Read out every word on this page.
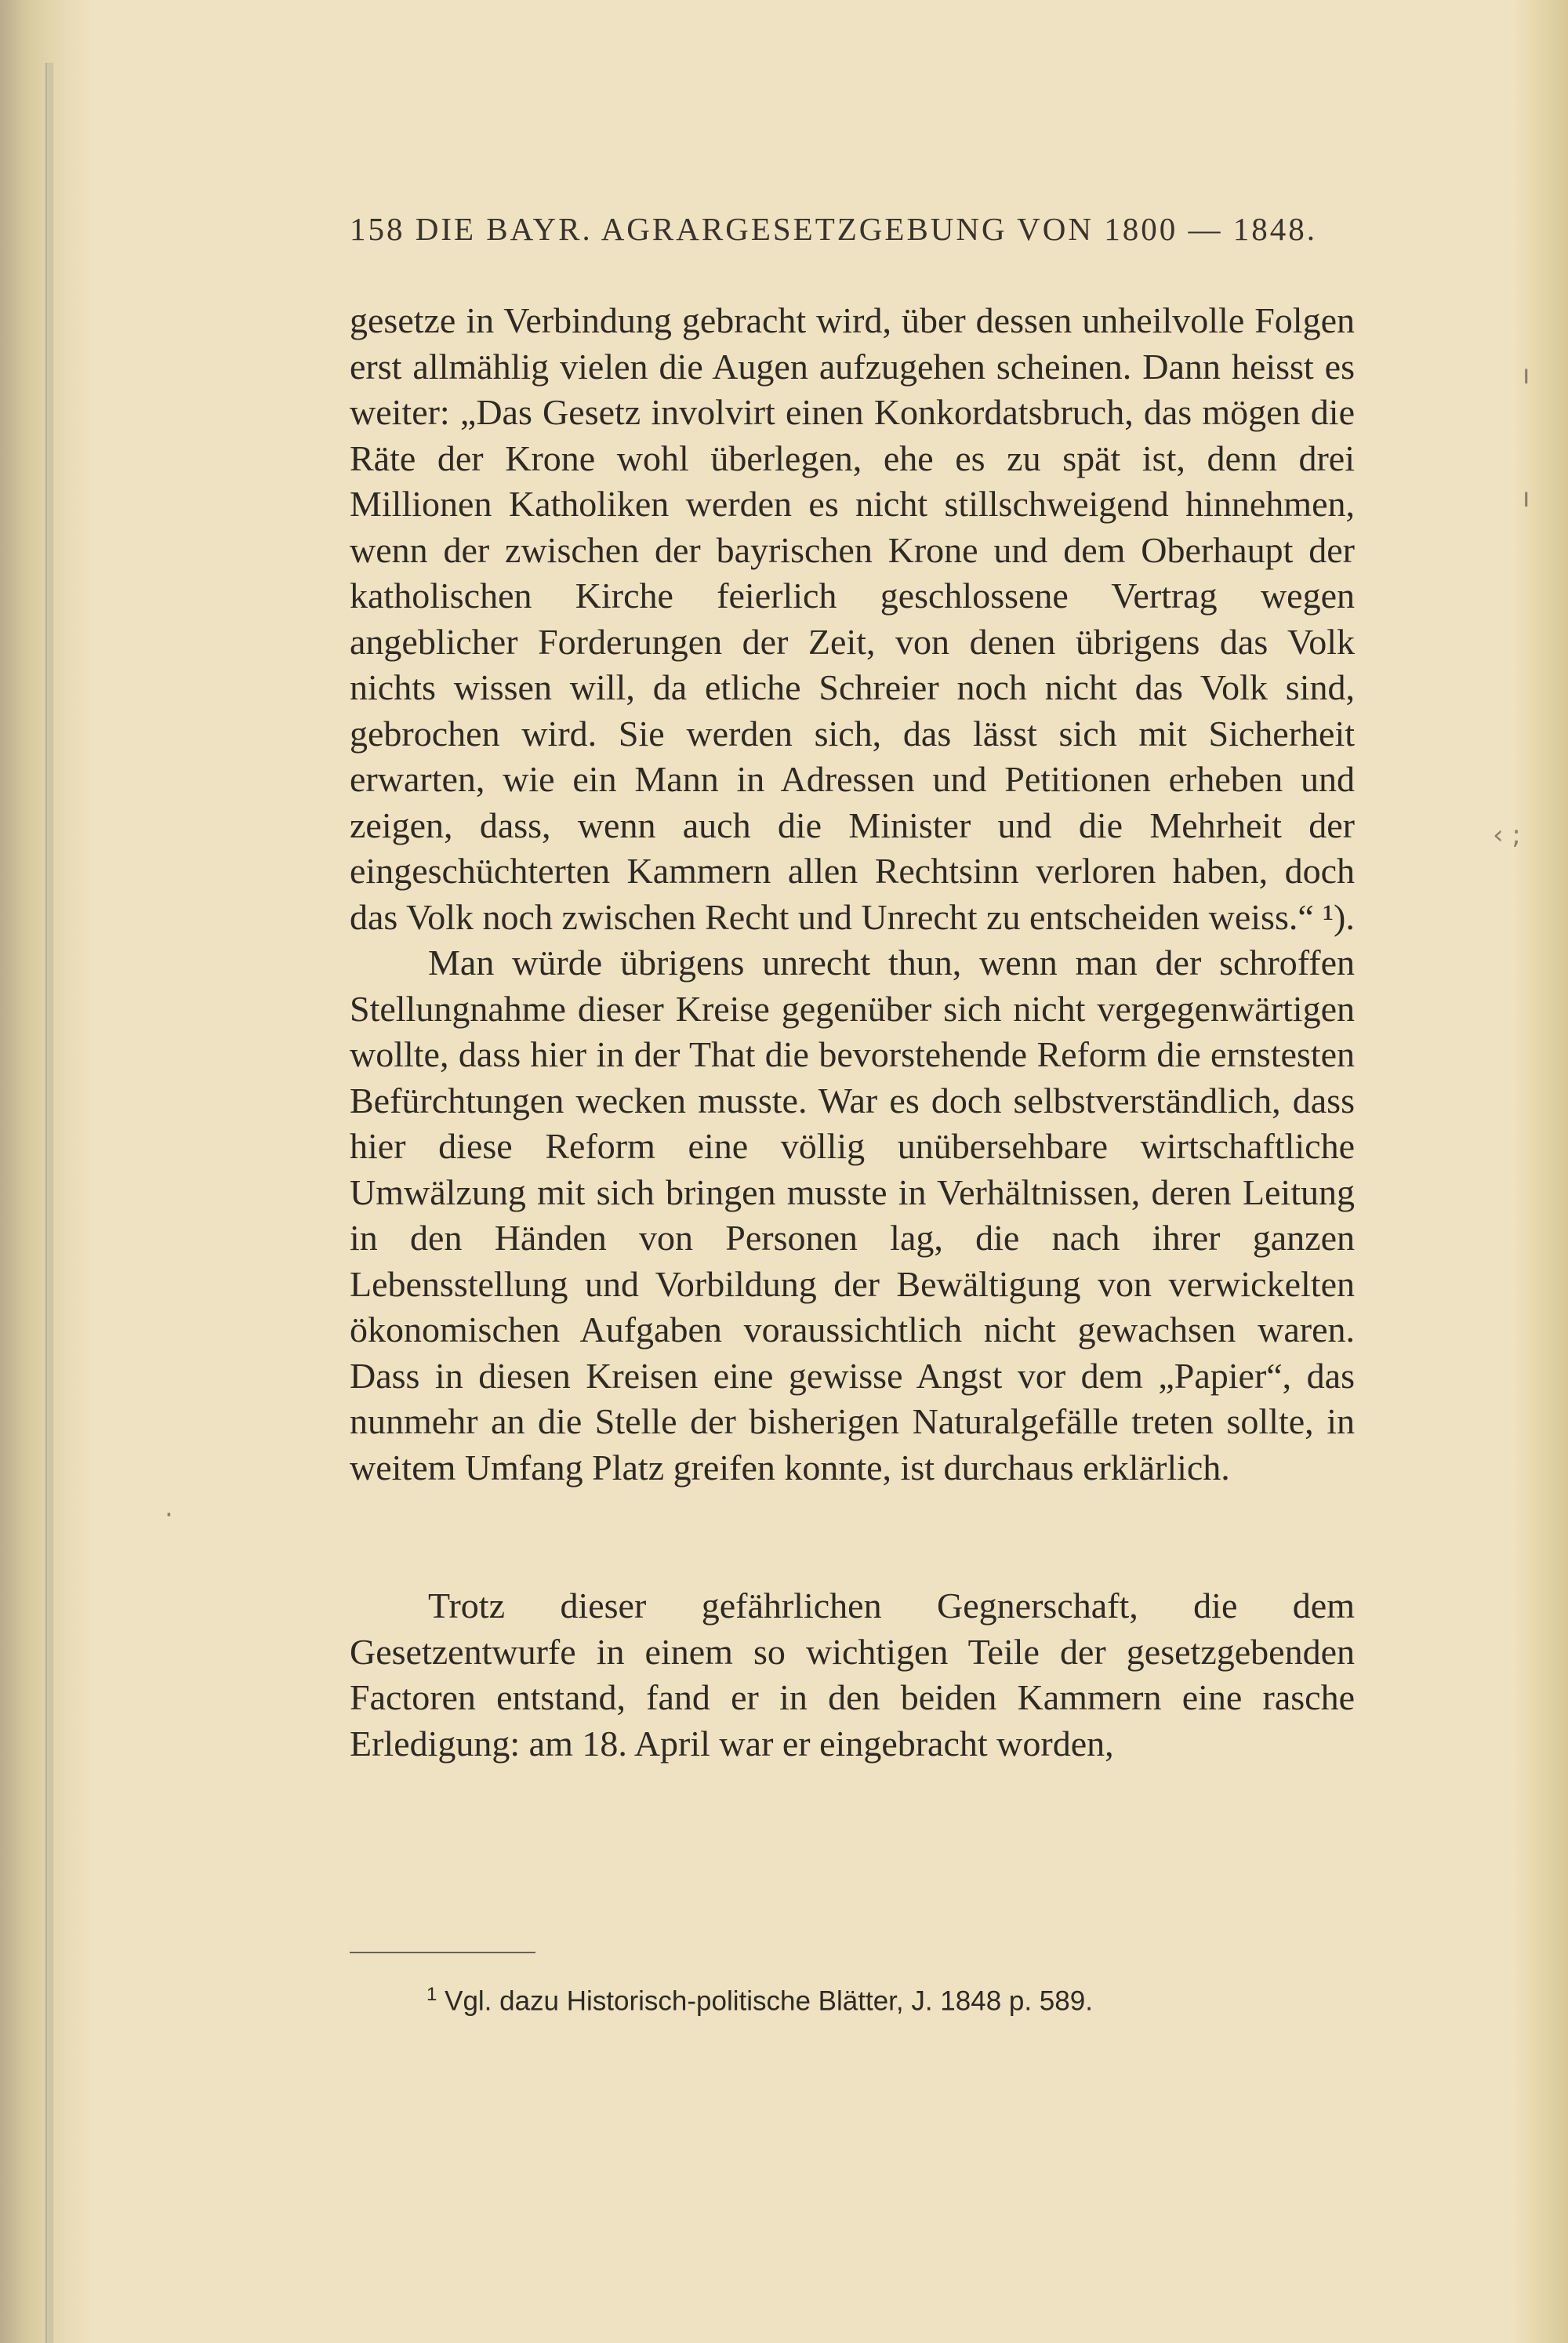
158 DIE BAYR. AGRARGESETZGEBUNG VON 1800 — 1848.

gesetze in Verbindung gebracht wird, über dessen unheilvolle Folgen erst allmählig vielen die Augen aufzugehen scheinen. Dann heisst es weiter: „Das Gesetz involvirt einen Konkordatsbruch, das mögen die Räte der Krone wohl überlegen, ehe es zu spät ist, denn drei Millionen Katholiken werden es nicht stillschweigend hinnehmen, wenn der zwischen der bayrischen Krone und dem Oberhaupt der katholischen Kirche feierlich geschlossene Vertrag wegen angeblicher Forderungen der Zeit, von denen übrigens das Volk nichts wissen will, da etliche Schreier noch nicht das Volk sind, gebrochen wird. Sie werden sich, das lässt sich mit Sicherheit erwarten, wie ein Mann in Adressen und Petitionen erheben und zeigen, dass, wenn auch die Minister und die Mehrheit der eingeschüchterten Kammern allen Rechtsinn verloren haben, doch das Volk noch zwischen Recht und Unrecht zu entscheiden weiss.“ ¹).

Man würde übrigens unrecht thun, wenn man der schroffen Stellungnahme dieser Kreise gegenüber sich nicht vergegenwärtigen wollte, dass hier in der That die bevorstehende Reform die ernstesten Befürchtungen wecken musste. War es doch selbstverständlich, dass hier diese Reform eine völlig unübersehbare wirtschaftliche Umwälzung mit sich bringen musste in Verhältnissen, deren Leitung in den Händen von Personen lag, die nach ihrer ganzen Lebensstellung und Vorbildung der Bewältigung von verwickelten ökonomischen Aufgaben voraussichtlich nicht gewachsen waren. Dass in diesen Kreisen eine gewisse Angst vor dem „Papier“, das nunmehr an die Stelle der bisherigen Naturalgefälle treten sollte, in weitem Umfang Platz greifen konnte, ist durchaus erklärlich.

Trotz dieser gefährlichen Gegnerschaft, die dem Gesetzentwurfe in einem so wichtigen Teile der gesetzgebenden Factoren entstand, fand er in den beiden Kammern eine rasche Erledigung: am 18. April war er eingebracht worden,

$^1$ Vgl. dazu Historisch-politische Blätter, J. 1848 p. 589.
ı
ı
‹ ;
·
